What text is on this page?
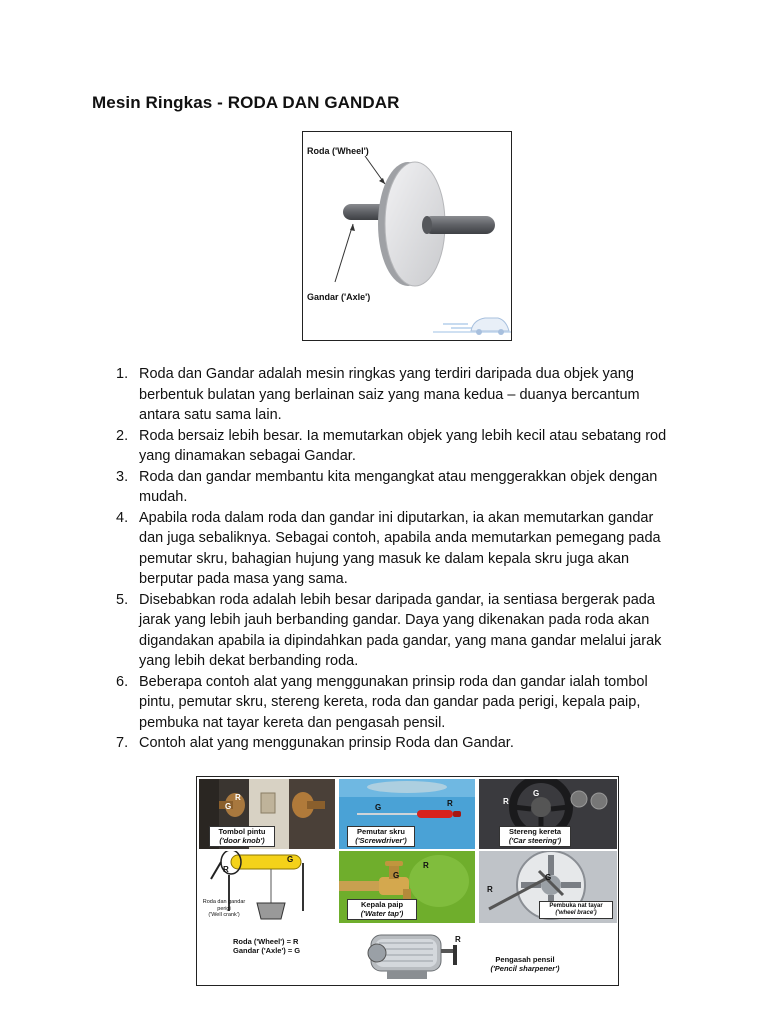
Mesin Ringkas - RODA DAN GANDAR
Roda ('Wheel')
Gandar ('Axle')
1. Roda dan Gandar adalah mesin ringkas yang terdiri daripada dua objek yang berbentuk bulatan yang berlainan saiz yang mana kedua – duanya bercantum antara satu sama lain.
2. Roda bersaiz lebih besar. Ia memutarkan objek yang lebih kecil atau sebatang rod yang dinamakan sebagai Gandar.
3. Roda dan gandar membantu kita mengangkat atau menggerakkan objek dengan mudah.
4. Apabila roda dalam roda dan gandar ini diputarkan, ia akan memutarkan gandar dan juga sebaliknya. Sebagai contoh, apabila anda memutarkan pemegang pada pemutar skru, bahagian hujung yang masuk ke dalam kepala skru juga akan berputar pada masa yang sama.
5. Disebabkan roda adalah lebih besar daripada gandar, ia sentiasa bergerak pada jarak yang lebih jauh berbanding gandar. Daya yang dikenakan pada roda akan digandakan apabila ia dipindahkan pada gandar, yang mana gandar melalui jarak yang lebih dekat berbanding roda.
6. Beberapa contoh alat yang menggunakan prinsip roda dan gandar ialah tombol pintu, pemutar skru, stereng kereta, roda dan gandar pada perigi, kepala paip, pembuka nat tayar kereta dan pengasah pensil.
7. Contoh alat yang menggunakan prinsip Roda dan Gandar.
R
G
Tombol pintu
('door knob')
G	R
Pemutar skru
('Screwdriver')
R
G
Stereng kereta
('Car steering')
G
R
Roda dan gandar
perigi
('Well crank')
R
G
Kepala paip
('Water tap')
R
G
Pembuka nat tayar
('wheel brace')
Roda ('Wheel') = R
Gandar ('Axle') = G
R
Pengasah pensil
('Pencil sharpener')
